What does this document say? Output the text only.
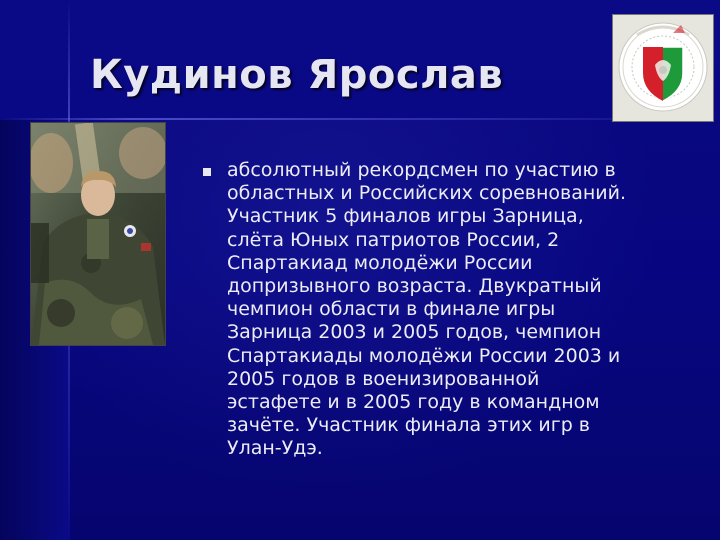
Кудинов Ярослав
абсолютный рекордсмен по участию в
областных и Российских соревнований.
Участник 5 финалов игры Зарница,
слёта Юных патриотов России, 2
Спартакиад молодёжи России
допризывного возраста. Двукратный
чемпион области в финале игры
Зарница 2003 и 2005 годов, чемпион
Спартакиады молодёжи России 2003 и
2005 годов в военизированной
эстафете и в 2005 году в командном
зачёте. Участник финала этих игр в
Улан-Удэ.
